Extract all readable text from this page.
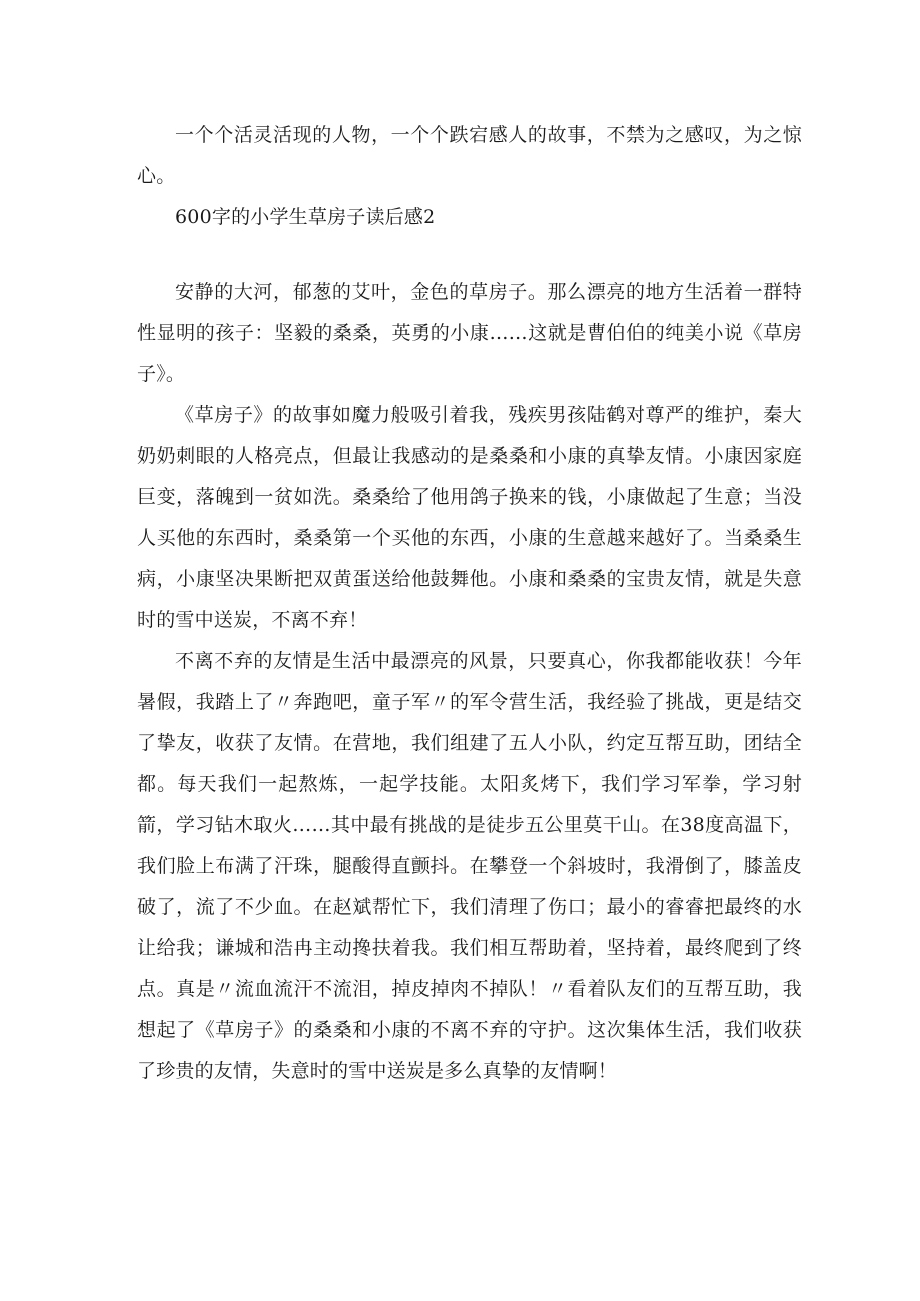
一个个活灵活现的人物，一个个跌宕感人的故事，不禁为之感叹，为之惊心。

600字的小学生草房子读后感2

安静的大河，郁葱的艾叶，金色的草房子。那么漂亮的地方生活着一群特性显明的孩子：坚毅的桑桑，英勇的小康……这就是曹伯伯的纯美小说《草房子》。

《草房子》的故事如魔力般吸引着我，残疾男孩陆鹤对尊严的维护，秦大奶奶刺眼的人格亮点，但最让我感动的是桑桑和小康的真挚友情。小康因家庭巨变，落魄到一贫如洗。桑桑给了他用鸽子换来的钱，小康做起了生意；当没人买他的东西时，桑桑第一个买他的东西，小康的生意越来越好了。当桑桑生病，小康坚决果断把双黄蛋送给他鼓舞他。小康和桑桑的宝贵友情，就是失意时的雪中送炭，不离不弃！

不离不弃的友情是生活中最漂亮的风景，只要真心，你我都能收获！今年暑假，我踏上了〃奔跑吧，童子军〃的军令营生活，我经验了挑战，更是结交了挚友，收获了友情。在营地，我们组建了五人小队，约定互帮互助，团结全都。每天我们一起熬炼，一起学技能。太阳炙烤下，我们学习军拳，学习射箭，学习钻木取火……其中最有挑战的是徒步五公里莫干山。在38度高温下，我们脸上布满了汗珠，腿酸得直颤抖。在攀登一个斜坡时，我滑倒了，膝盖皮破了，流了不少血。在赵斌帮忙下，我们清理了伤口；最小的睿睿把最终的水让给我；谦城和浩冉主动搀扶着我。我们相互帮助着，坚持着，最终爬到了终点。真是〃流血流汗不流泪，掉皮掉肉不掉队！〃看着队友们的互帮互助，我想起了《草房子》的桑桑和小康的不离不弃的守护。这次集体生活，我们收获了珍贵的友情，失意时的雪中送炭是多么真挚的友情啊！
